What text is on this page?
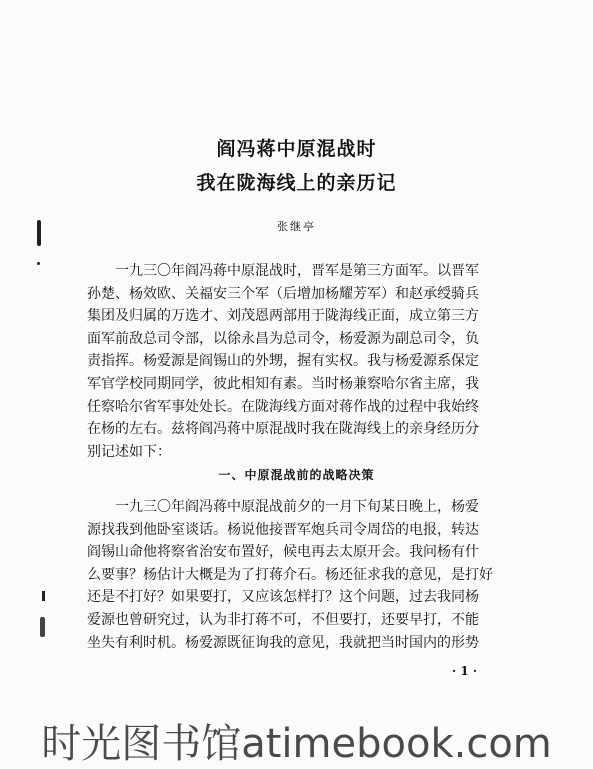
阎冯蒋中原混战时
我在陇海线上的亲历记
张继亭

一九三〇年阎冯蒋中原混战时，晋军是第三方面军。以晋军

孙楚、杨效欧、关福安三个军（后增加杨耀芳军）和赵承绶骑兵

集团及归属的万选才、刘茂恩两部用于陇海线正面，成立第三方

面军前敌总司令部，以徐永昌为总司令，杨爱源为副总司令，负

责指挥。杨爱源是阎锡山的外甥，握有实权。我与杨爱源系保定

军官学校同期同学，彼此相知有素。当时杨兼察哈尔省主席，我

任察哈尔省军事处处长。在陇海线方面对蒋作战的过程中我始终

在杨的左右。兹将阎冯蒋中原混战时我在陇海线上的亲身经历分

别记述如下：

一、中原混战前的战略决策

一九三〇年阎冯蒋中原混战前夕的一月下旬某日晚上，杨爱

源找我到他卧室谈话。杨说他接晋军炮兵司令周岱的电报，转达

阎锡山命他将察省治安布置好，候电再去太原开会。我问杨有什

么要事？杨估计大概是为了打蒋介石。杨还征求我的意见，是打好

还是不打好？如果要打，又应该怎样打？这个问题，过去我同杨

爱源也曾研究过，认为非打蒋不可，不但要打，还要早打，不能

坐失有利时机。杨爱源既征询我的意见，我就把当时国内的形势

· 1 ·
时光图书馆atimebook.com
